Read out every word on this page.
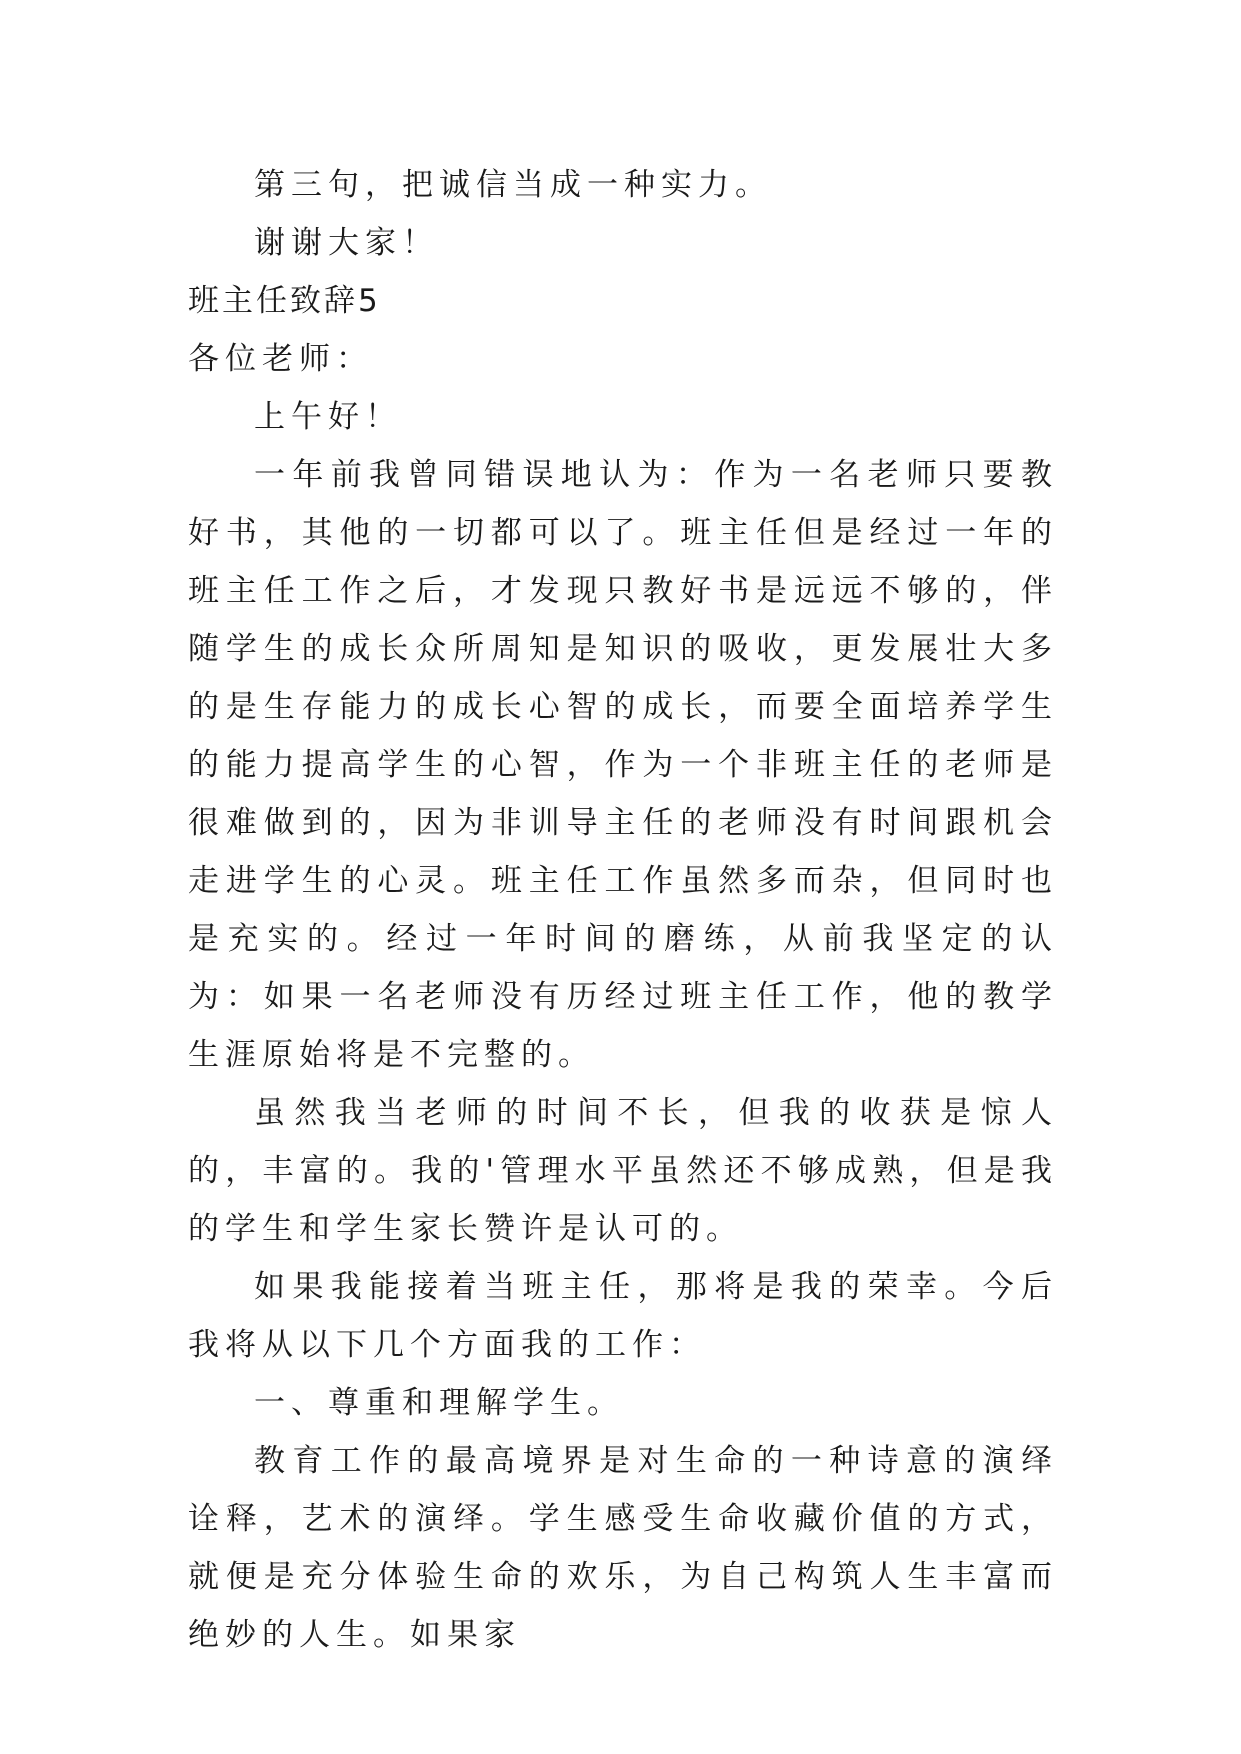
第三句，把诚信当成一种实力。

谢谢大家！

班主任致辞5

各位老师：

上午好！

一年前我曾同错误地认为：作为一名老师只要教好书，其他的一切都可以了。班主任但是经过一年的班主任工作之后，才发现只教好书是远远不够的，伴随学生的成长众所周知是知识的吸收，更发展壮大多的是生存能力的成长心智的成长，而要全面培养学生的能力提高学生的心智，作为一个非班主任的老师是很难做到的，因为非训导主任的老师没有时间跟机会走进学生的心灵。班主任工作虽然多而杂，但同时也是充实的。经过一年时间的磨练，从前我坚定的认为：如果一名老师没有历经过班主任工作，他的教学生涯原始将是不完整的。

虽然我当老师的时间不长，但我的收获是惊人的，丰富的。我的'管理水平虽然还不够成熟，但是我的学生和学生家长赞许是认可的。

如果我能接着当班主任，那将是我的荣幸。今后我将从以下几个方面我的工作：

一、尊重和理解学生。

教育工作的最高境界是对生命的一种诗意的演绎诠释，艺术的演绎。学生感受生命收藏价值的方式，就便是充分体验生命的欢乐，为自己构筑人生丰富而绝妙的人生。如果家
